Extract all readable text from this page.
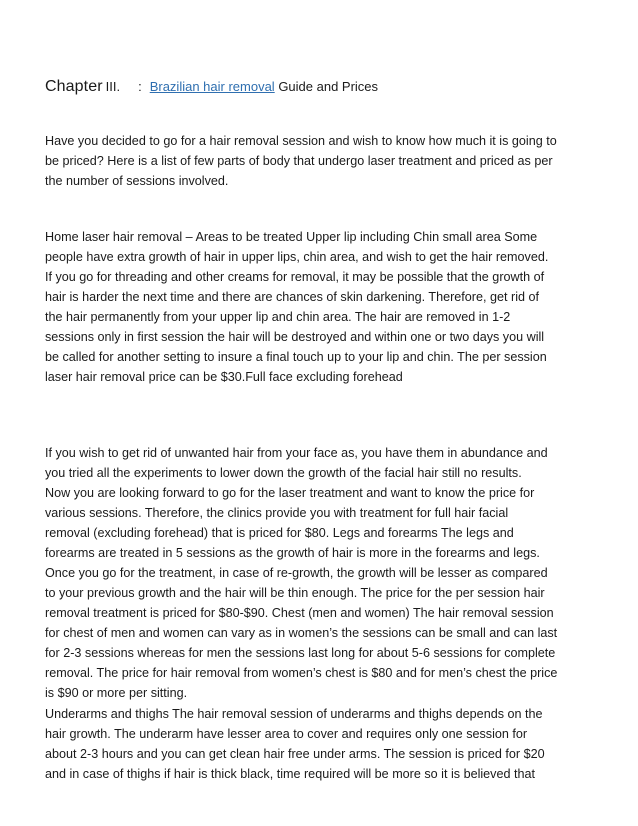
Chapter III. : Brazilian hair removal Guide and Prices

Have you decided to go for a hair removal session and wish to know how much it is going to
be priced? Here is a list of few parts of body that undergo laser treatment and priced as per
the number of sessions involved.

Home laser hair removal – Areas to be treated Upper lip including Chin small area Some
people have extra growth of hair in upper lips, chin area, and wish to get the hair removed.
If you go for threading and other creams for removal, it may be possible that the growth of
hair is harder the next time and there are chances of skin darkening. Therefore, get rid of
the hair permanently from your upper lip and chin area. The hair are removed in 1-2
sessions only in first session the hair will be destroyed and within one or two days you will
be called for another setting to insure a final touch up to your lip and chin. The per session
laser hair removal price can be $30.Full face excluding forehead

If you wish to get rid of unwanted hair from your face as, you have them in abundance and
you tried all the experiments to lower down the growth of the facial hair still no results.
Now you are looking forward to go for the laser treatment and want to know the price for
various sessions. Therefore, the clinics provide you with treatment for full hair facial
removal (excluding forehead) that is priced for $80. Legs and forearms The legs and
forearms are treated in 5 sessions as the growth of hair is more in the forearms and legs.
Once you go for the treatment, in case of re-growth, the growth will be lesser as compared
to your previous growth and the hair will be thin enough. The price for the per session hair
removal treatment is priced for $80-$90. Chest (men and women) The hair removal session
for chest of men and women can vary as in women’s the sessions can be small and can last
for 2-3 sessions whereas for men the sessions last long for about 5-6 sessions for complete
removal. The price for hair removal from women’s chest is $80 and for men’s chest the price
is $90 or more per sitting.

Underarms and thighs The hair removal session of underarms and thighs depends on the
hair growth. The underarm have lesser area to cover and requires only one session for
about 2-3 hours and you can get clean hair free under arms. The session is priced for $20
and in case of thighs if hair is thick black, time required will be more so it is believed that
